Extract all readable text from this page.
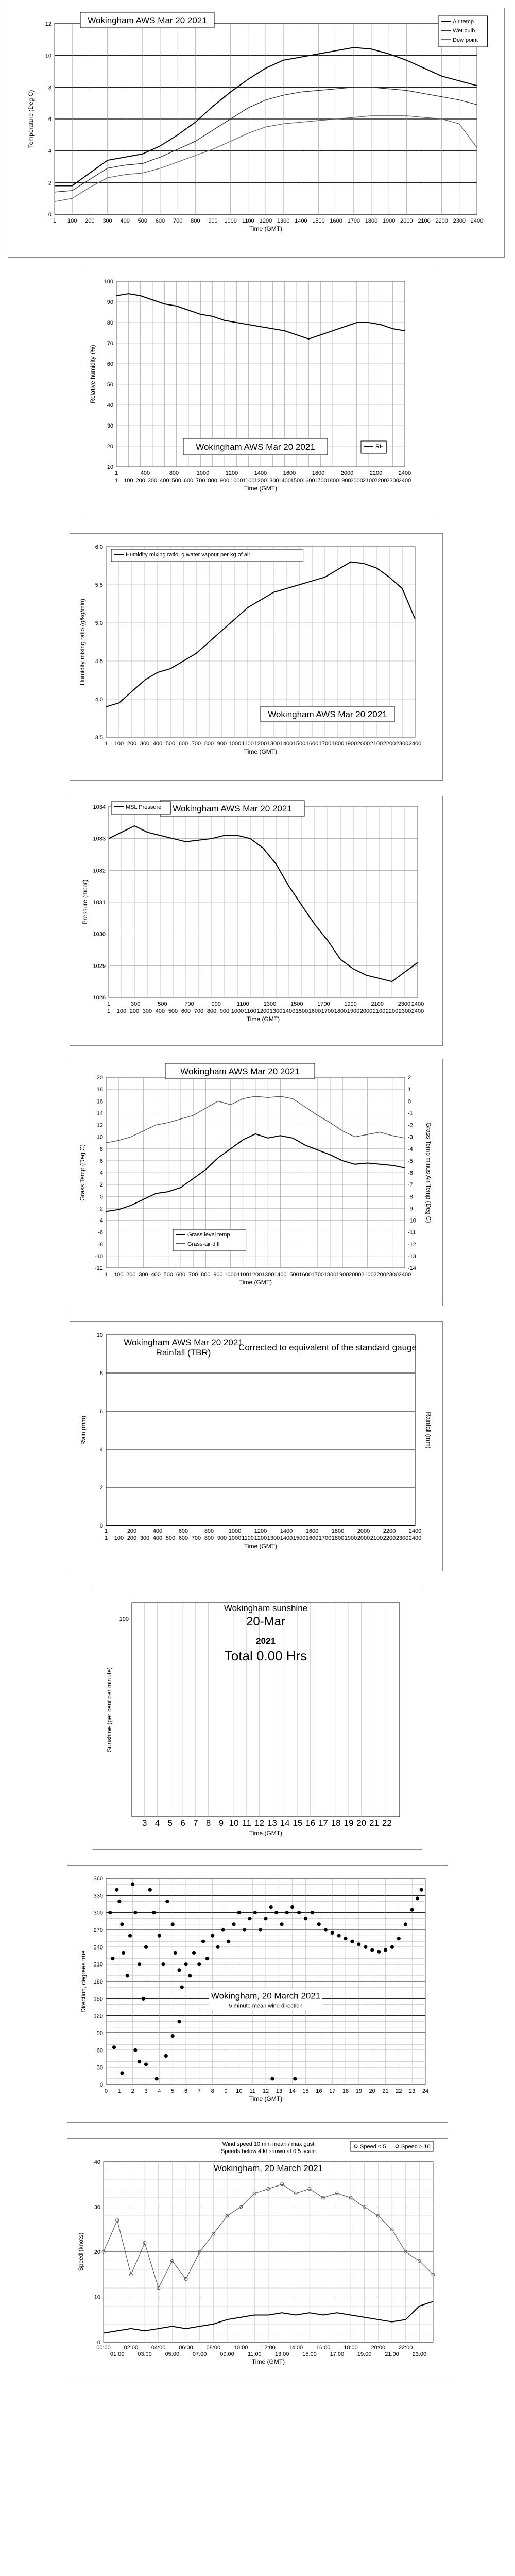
0
2
4
6
8
10
12
1 100 200 300 400 500 600 700 800 900 1000 1100 1200 1300 1400 1500 1600 1700 1800 1900 2000 2100 2200 2300 2400
Time (GMT)
Temperature (Deg C)
Wokingham AWS Mar 20 2021	Air temp
Wet bulb
Dew point
10
20
30
40
50
60
70
80
90
100
1 100 200 300 400 500 600 700 800 900 1000 1100 1200
1300
1400
1500
1600
1700
1800
1900
2000
2100
2200
2300
2400
1	400	800	1000	1200	1400	1600	1800	2000	2200	2400
Time (GMT)
Relative humidity (%)
Wokingham AWS Mar 20 2021	RH
3.5
4.0
4.5
5.0
5.5
6.0
1 100 200 300 400 500 600 700 800 900 1000 1100 1200 1300 1400 1500 1600 1700 1800 1900 2000 2100 2200 2300 2400
Time (GMT)
Humidity mixing ratio (g/kg/min)
Wokingham AWS Mar 20 2021
Humidity mixing ratio, g water vapour per kg of air
1028
1029
1030
1031
1032
1033
1034
1 100 200 300 400 500 600 700 800 900 1000 1100 1200 1300 1400 1500 1600 1700 1800 1900 2000 2100 2200 2300 2400
1	300	500	700	900	1100	1300	1500	1700	1900	2100	2300 2400
Time (GMT)
Pressure (mbar)
Wokingham AWS Mar 20 2021
MSL Pressure
-12
-10
-8
-6
-4
-2
0
2
4
6
8
10
12
14
16
18
20
-14
-13
-12
-11
-10
-9
-8
-7
-6
-5
-4
-3
-2
-1
0
1
2
1 100 200 300 400 500 600 700 800 900 1000 1100 1200 1300 1400 1500 1600 1700 1800 1900 2000 2100 2200 2300 2400
Time (GMT)
Grass Temp (Deg C)	Grass Temp minus Air Temp (Deg C)
Wokingham AWS Mar 20 2021
Grass level temp
Grass-air diff
0
2
4
6
8
10
1	200	400	600	800	1000 1200 1400 1600 1800 2000 2200 2400
1 100 200 300 400 500 600 700 800 900 1000 1100 1200 1300 1400 1500 1600 1700 1800 1900 2000 2100 2200 2300 2400
Time (GMT)
Rain (mm)	Rainfall (mm)
Wokingham AWS Mar 20 2021
Rainfall (TBR)
Corrected to equivalent of the standard gauge
3 4 5 6 7 8 9 10 11 12 13 14 15 16 17 18 19 20 21 22
100
Time (GMT)
Sunshine (per cent per minute)
Wokingham sunshine
20-Mar
2021
Total 0.00 Hrs
0
30
60
90
120
150
180
210
240
270
300
330
360
0 1 2 3 4 5 6 7 8 9 10 11 12 13 14 15 16 17 18 19 20 21 22 23 24
Time (GMT)
Direction, degrees true	Wokingham, 20 March 2021
5 minute mean wind direction
0
10
20
30
40
00:00 02:00 04:00 06:00 08:00 10:00 12:00 14:00 16:00 18:00 20:00 22:00
01:00 03:00 05:00 07:00 09:00 11:00 13:00 15:00 17:00 19:00 21:00 23:00
Time (GMT)
Speed (knots)
Wind speed 10 min mean / max gust
Speeds below 4 kt shown at 0.5 scale
Wokingham, 20 March 2021
Speed < 5	Speed > 10
